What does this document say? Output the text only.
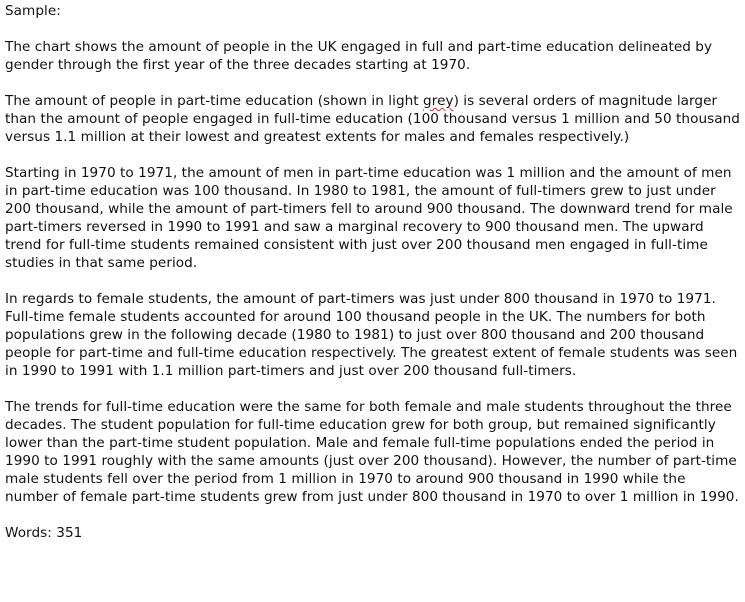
Sample:

The chart shows the amount of people in the UK engaged in full and part-time education delineated by gender through the first year of the three decades starting at 1970.

The amount of people in part-time education (shown in light grey) is several orders of magnitude larger than the amount of people engaged in full-time education (100 thousand versus 1 million and 50 thousand versus 1.1 million at their lowest and greatest extents for males and females respectively.)

Starting in 1970 to 1971, the amount of men in part-time education was 1 million and the amount of men in part-time education was 100 thousand. In 1980 to 1981, the amount of full-timers grew to just under 200 thousand, while the amount of part-timers fell to around 900 thousand. The downward trend for male part-timers reversed in 1990 to 1991 and saw a marginal recovery to 900 thousand men. The upward trend for full-time students remained consistent with just over 200 thousand men engaged in full-time studies in that same period.

In regards to female students, the amount of part-timers was just under 800 thousand in 1970 to 1971. Full-time female students accounted for around 100 thousand people in the UK. The numbers for both populations grew in the following decade (1980 to 1981) to just over 800 thousand and 200 thousand people for part-time and full-time education respectively. The greatest extent of female students was seen in 1990 to 1991 with 1.1 million part-timers and just over 200 thousand full-timers.

The trends for full-time education were the same for both female and male students throughout the three decades. The student population for full-time education grew for both group, but remained significantly lower than the part-time student population. Male and female full-time populations ended the period in 1990 to 1991 roughly with the same amounts (just over 200 thousand). However, the number of part-time male students fell over the period from 1 million in 1970 to around 900 thousand in 1990 while the number of female part-time students grew from just under 800 thousand in 1970 to over 1 million in 1990.

Words: 351
